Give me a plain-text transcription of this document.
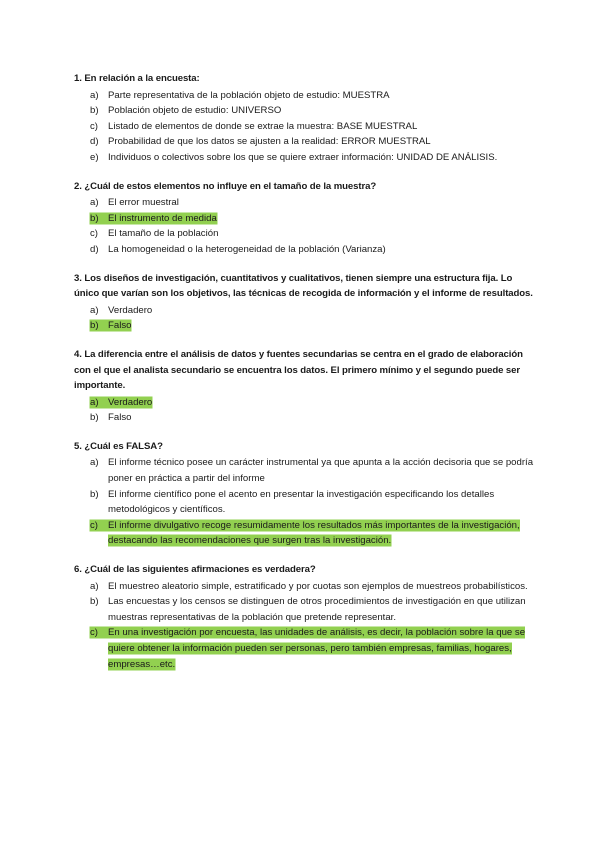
1. En relación a la encuesta:
a) Parte representativa de la población objeto de estudio: MUESTRA
b) Población objeto de estudio: UNIVERSO
c)	Listado de elementos de donde se extrae la muestra: BASE MUESTRAL
d) Probabilidad de que los datos se ajusten a la realidad: ERROR MUESTRAL
e) Individuos o colectivos sobre los que se quiere extraer información: UNIDAD DE ANÁLISIS.
2. ¿Cuál de estos elementos no influye en el tamaño de la muestra?
a) El error muestral
b) El instrumento de medida
c)	El tamaño de la población
d) La homogeneidad o la heterogeneidad de la población (Varianza)
3. Los diseños de investigación, cuantitativos y cualitativos, tienen siempre una estructura fija. Lo único que varían son los objetivos, las técnicas de recogida de información y el informe de resultados.
a) Verdadero
b) Falso
4. La diferencia entre el análisis de datos y fuentes secundarias se centra en el grado de elaboración con el que el analista secundario se encuentra los datos. El primero mínimo y el segundo puede ser importante.
a) Verdadero
b) Falso
5. ¿Cuál es FALSA?
a) El informe técnico posee un carácter instrumental ya que apunta a la acción decisoria que se podría poner en práctica a partir del informe
b) El informe científico pone el acento en presentar la investigación especificando los detalles metodológicos y científicos.
c)	El informe divulgativo recoge resumidamente los resultados más importantes de la investigación, destacando las recomendaciones que surgen tras la investigación.
6. ¿Cuál de las siguientes afirmaciones es verdadera?
a) El muestreo aleatorio simple, estratificado y por cuotas son ejemplos de muestreos probabilísticos.
b) Las encuestas y los censos se distinguen de otros procedimientos de investigación en que utilizan muestras representativas de la población que pretende representar.
c)	En una investigación por encuesta, las unidades de análisis, es decir, la población sobre la que se quiere obtener la información pueden ser personas, pero también empresas, familias, hogares, empresas…etc.
